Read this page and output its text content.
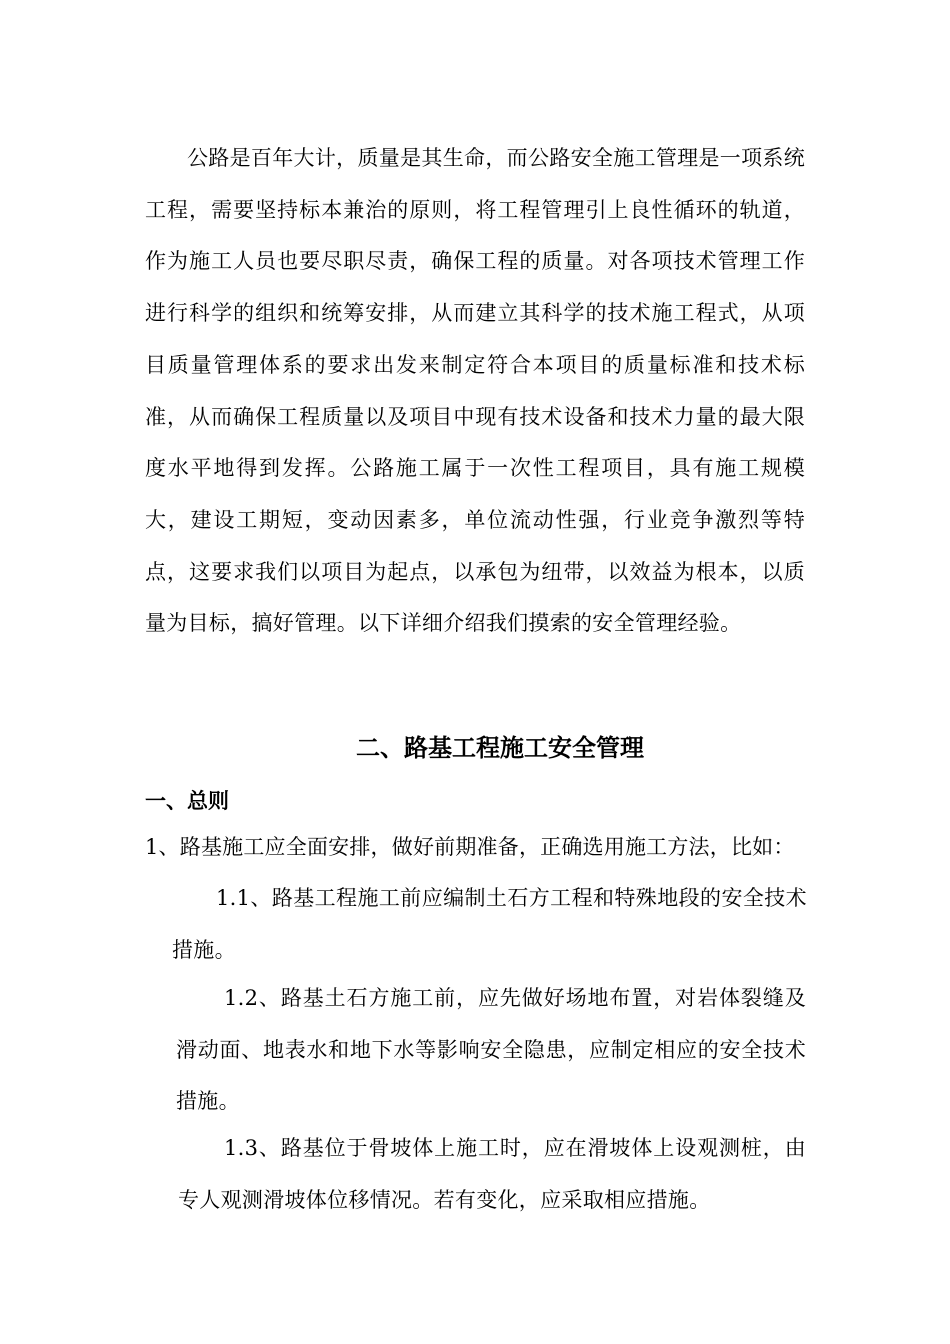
公路是百年大计，质量是其生命，而公路安全施工管理是一项系统工程，需要坚持标本兼治的原则，将工程管理引上良性循环的轨道，作为施工人员也要尽职尽责，确保工程的质量。对各项技术管理工作进行科学的组织和统筹安排，从而建立其科学的技术施工程式，从项目质量管理体系的要求出发来制定符合本项目的质量标准和技术标准，从而确保工程质量以及项目中现有技术设备和技术力量的最大限度水平地得到发挥。公路施工属于一次性工程项目，具有施工规模大，建设工期短，变动因素多，单位流动性强，行业竞争激烈等特点，这要求我们以项目为起点，以承包为纽带，以效益为根本，以质量为目标，搞好管理。以下详细介绍我们摸索的安全管理经验。

二、路基工程施工安全管理
一、总则

1、路基施工应全面安排，做好前期准备，正确选用施工方法，比如：

1.1、路基工程施工前应编制土石方工程和特殊地段的安全技术措施。

1.2、路基土石方施工前，应先做好场地布置，对岩体裂缝及滑动面、地表水和地下水等影响安全隐患，应制定相应的安全技术措施。

1.3、路基位于骨坡体上施工时，应在滑坡体上设观测桩，由专人观测滑坡体位移情况。若有变化，应采取相应措施。
